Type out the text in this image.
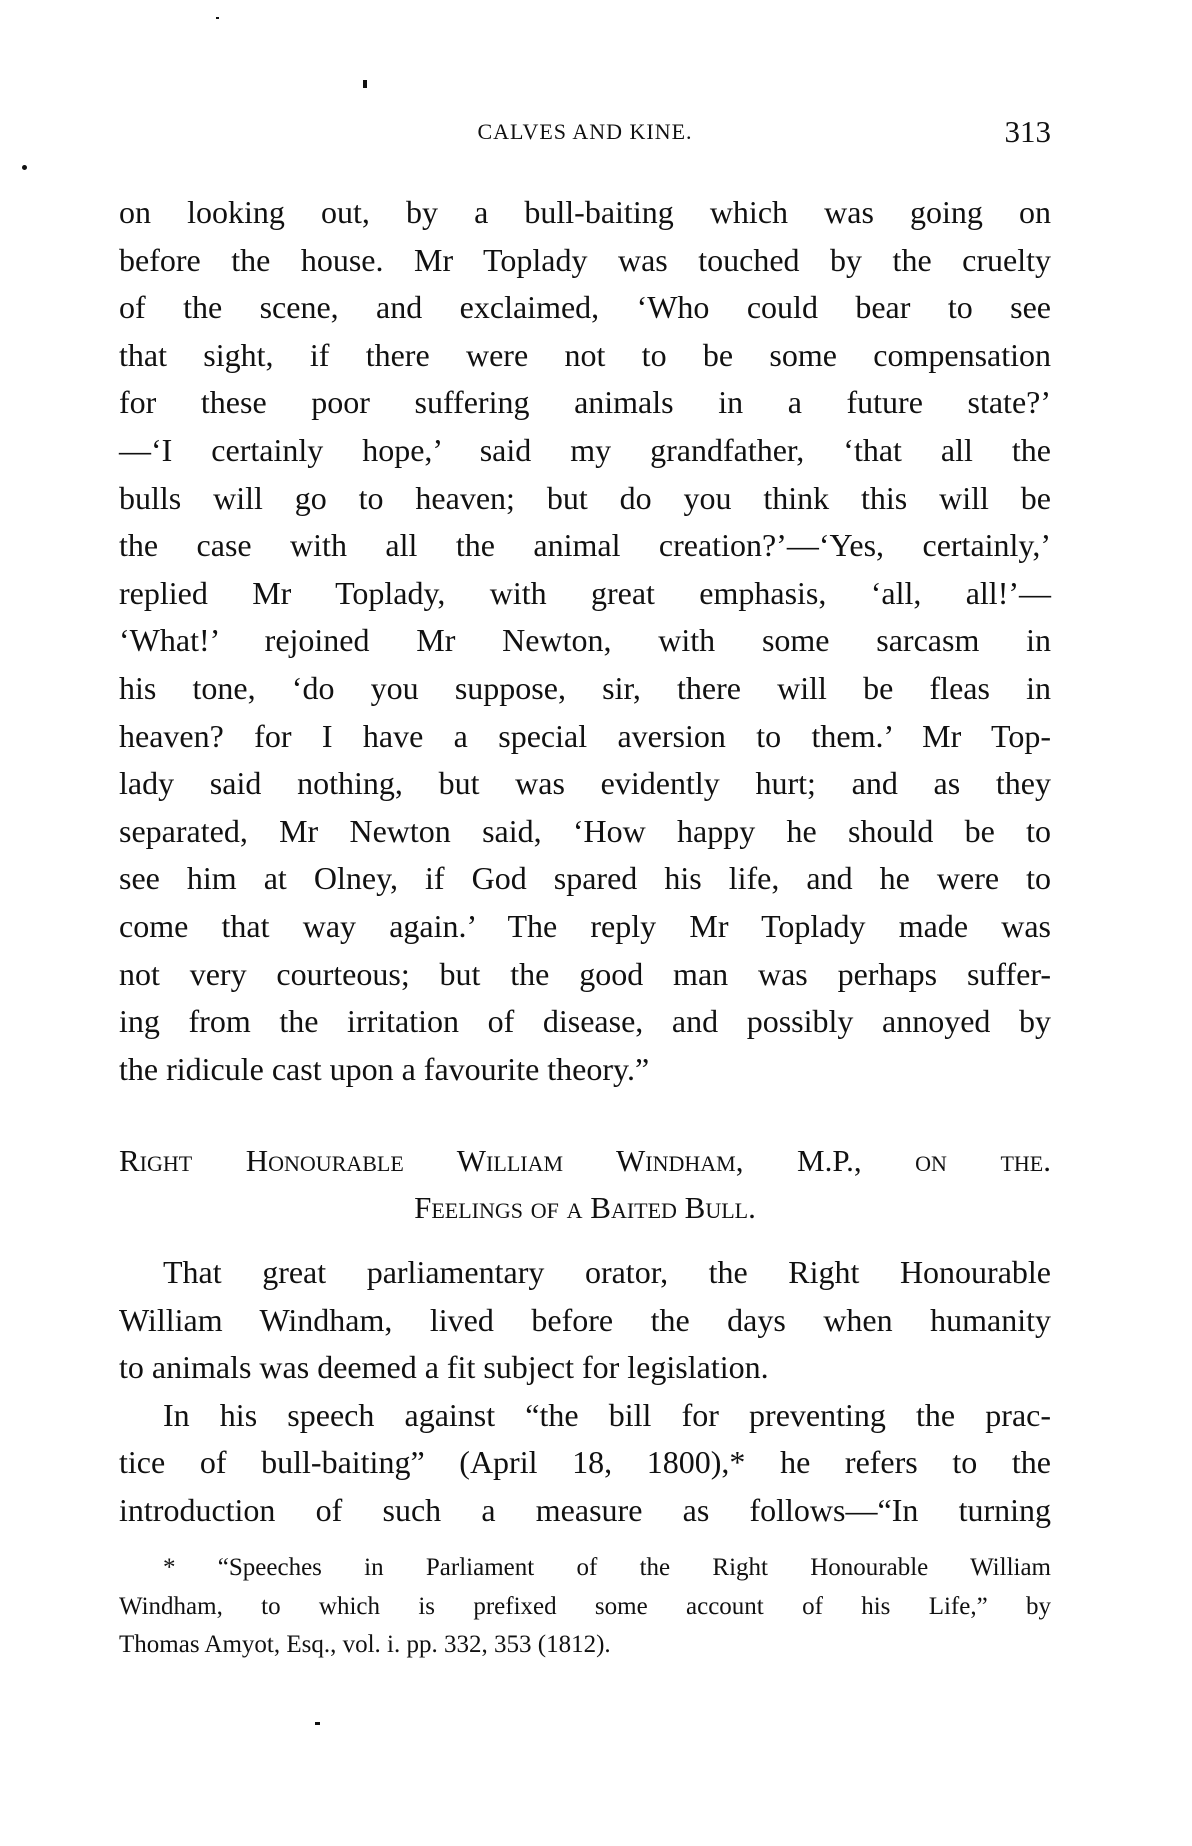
CALVES AND KINE.	313
on looking out, by a bull-baiting which was going on
before the house. Mr Toplady was touched by the cruelty
of the scene, and exclaimed, ‘Who could bear to see
that sight, if there were not to be some compensation
for these poor suffering animals in a future state?’
—‘I certainly hope,’ said my grandfather, ‘that all the
bulls will go to heaven; but do you think this will be
the case with all the animal creation?’—‘Yes, certainly,’
replied Mr Toplady, with great emphasis, ‘all, all!’—
‘What!’ rejoined Mr Newton, with some sarcasm in
his tone, ‘do you suppose, sir, there will be fleas in
heaven? for I have a special aversion to them.’ Mr Top-
lady said nothing, but was evidently hurt; and as they
separated, Mr Newton said, ‘How happy he should be to
see him at Olney, if God spared his life, and he were to
come that way again.’ The reply Mr Toplady made was
not very courteous; but the good man was perhaps suffer-
ing from the irritation of disease, and possibly annoyed by
the ridicule cast upon a favourite theory.”
Right Honourable William Windham, M.P., on the.
Feelings of a Baited Bull.
That great parliamentary orator, the Right Honourable
William Windham, lived before the days when humanity
to animals was deemed a fit subject for legislation.
In his speech against “the bill for preventing the prac-
tice of bull-baiting” (April 18, 1800),* he refers to the
introduction of such a measure as follows—“In turning
* “Speeches in Parliament of the Right Honourable William
Windham, to which is prefixed some account of his Life,” by
Thomas Amyot, Esq., vol. i. pp. 332, 353 (1812).
